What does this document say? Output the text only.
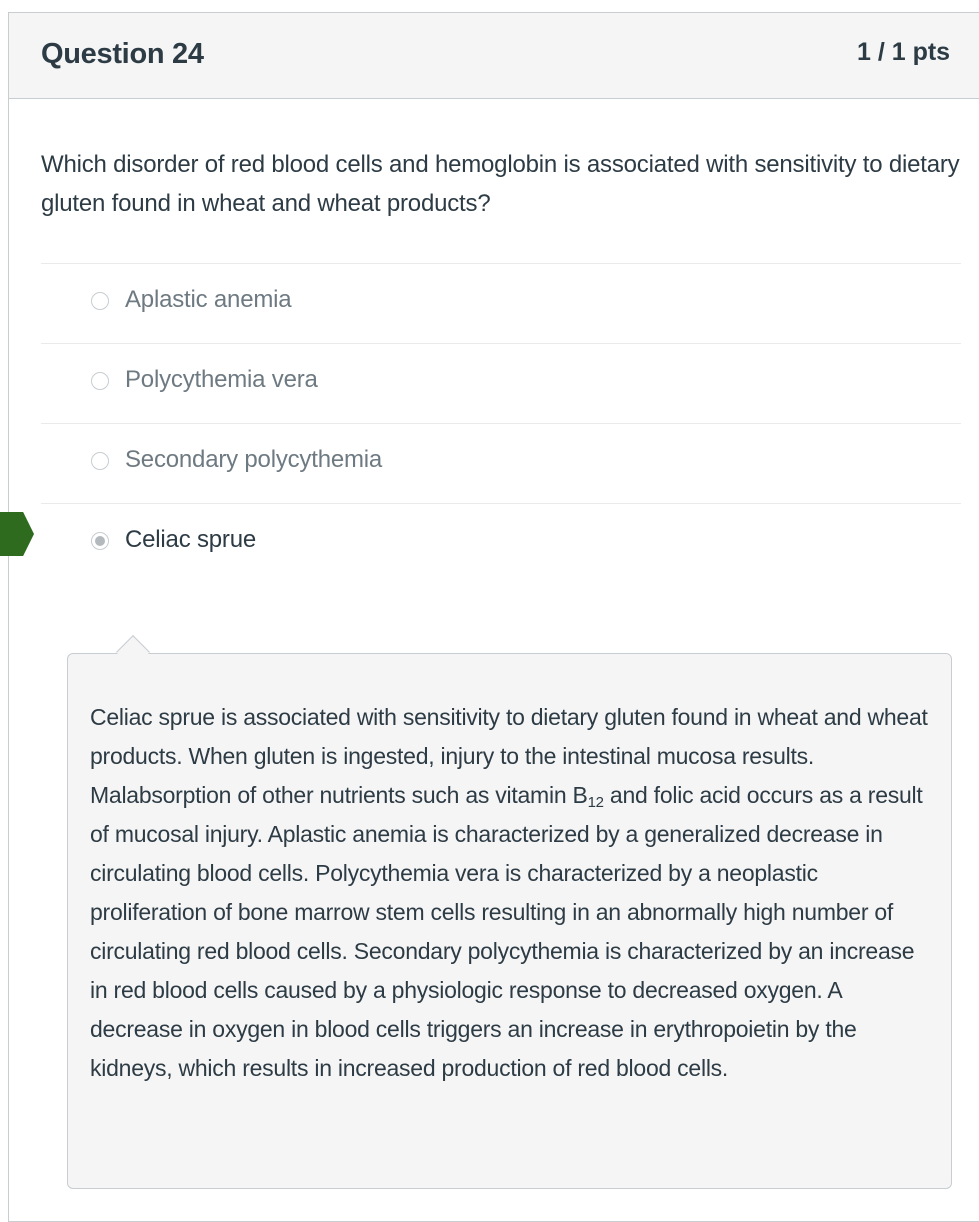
Question 24	1 / 1 pts
Which disorder of red blood cells and hemoglobin is associated with sensitivity to dietary gluten found in wheat and wheat products?
Aplastic anemia
Polycythemia vera
Secondary polycythemia
Celiac sprue
Celiac sprue is associated with sensitivity to dietary gluten found in wheat and wheat products. When gluten is ingested, injury to the intestinal mucosa results. Malabsorption of other nutrients such as vitamin $B_{12}$ and folic acid occurs as a result of mucosal injury. Aplastic anemia is characterized by a generalized decrease in circulating blood cells. Polycythemia vera is characterized by a neoplastic proliferation of bone marrow stem cells resulting in an abnormally high number of circulating red blood cells. Secondary polycythemia is characterized by an increase in red blood cells caused by a physiologic response to decreased oxygen. A decrease in oxygen in blood cells triggers an increase in erythropoietin by the kidneys, which results in increased production of red blood cells.
